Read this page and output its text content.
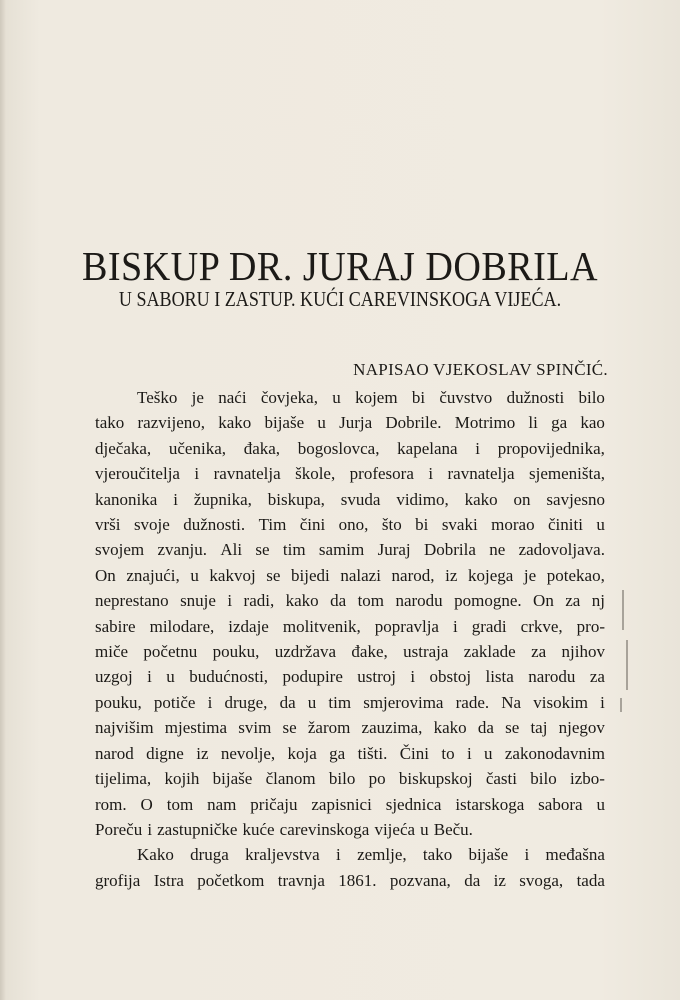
BISKUP DR. JURAJ DOBRILA
U SABORU I ZASTUP. KUĆI CAREVINSKOGA VIJEĆA.
NAPISAO VJEKOSLAV SPINČIĆ.
Teško je naći čovjeka, u kojem bi čuvstvo dužnosti bilo
tako razvijeno, kako bijaše u Jurja Dobrile. Motrimo li ga kao
dječaka, učenika, đaka, bogoslovca, kapelana i propovijednika,
vjeroučitelja i ravnatelja škole, profesora i ravnatelja sjemeništa,
kanonika i župnika, biskupa, svuda vidimo, kako on savjesno
vrši svoje dužnosti. Tim čini ono, što bi svaki morao činiti u
svojem zvanju. Ali se tim samim Juraj Dobrila ne zadovoljava.
On znajući, u kakvoj se bijedi nalazi narod, iz kojega je potekao,
neprestano snuje i radi, kako da tom narodu pomogne. On za nj
sabire milodare, izdaje molitvenik, popravlja i gradi crkve, pro-
miče početnu pouku, uzdržava đake, ustraja zaklade za njihov
uzgoj i u budućnosti, podupire ustroj i obstoj lista narodu za
pouku, potiče i druge, da u tim smjerovima rade. Na visokim i
najvišim mjestima svim se žarom zauzima, kako da se taj njegov
narod digne iz nevolje, koja ga tišti. Čini to i u zakonodavnim
tijelima, kojih bijaše članom bilo po biskupskoj časti bilo izbo-
rom. O tom nam pričaju zapisnici sjednica istarskoga sabora u
Poreču i zastupničke kuće carevinskoga vijeća u Beču.
Kako druga kraljevstva i zemlje, tako bijaše i međašna
grofija Istra početkom travnja 1861. pozvana, da iz svoga, tada
